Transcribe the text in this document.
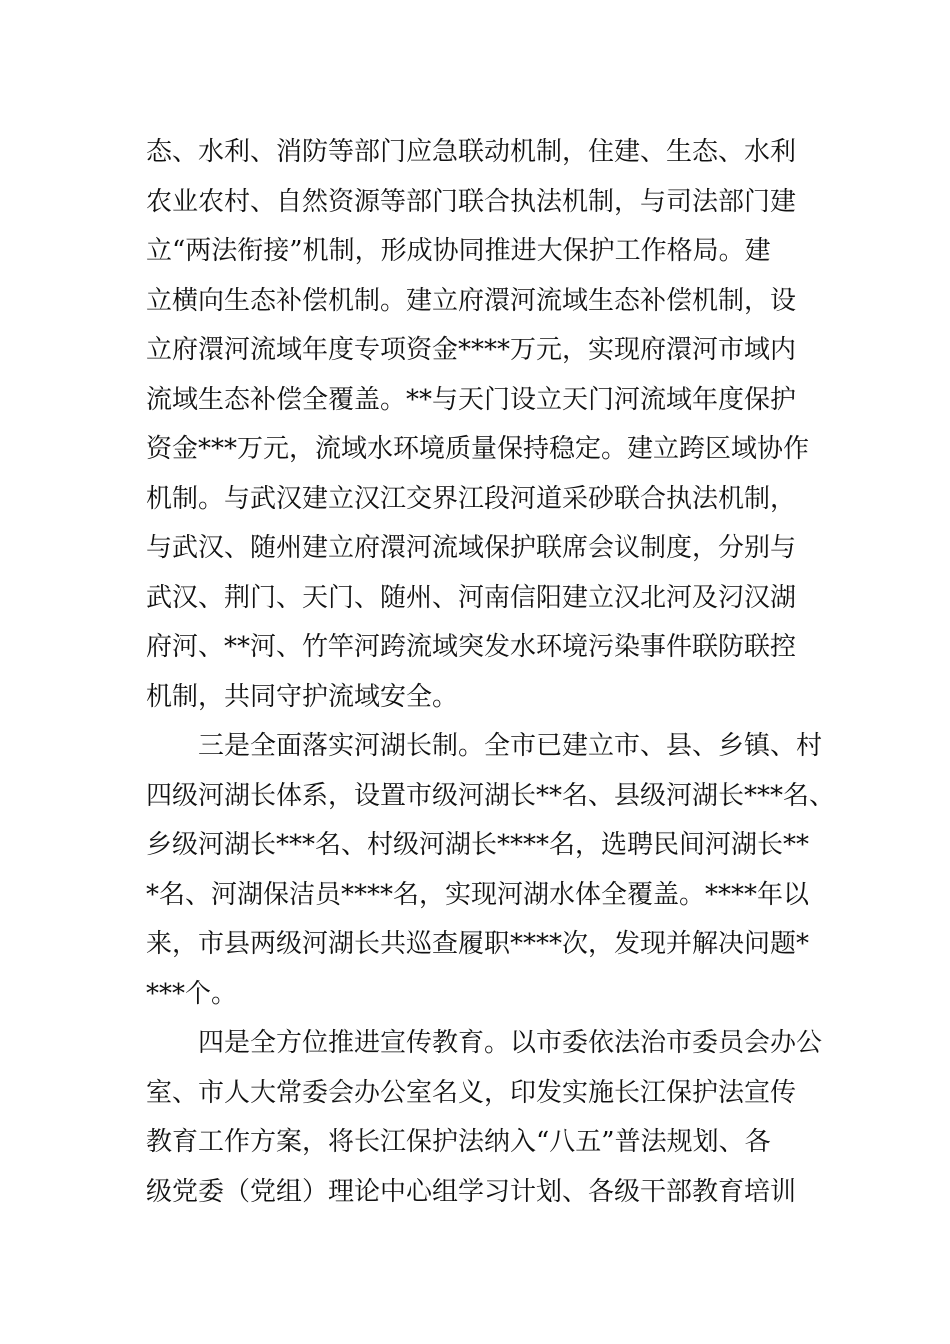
态、水利、消防等部门应急联动机制，住建、生态、水利
农业农村、自然资源等部门联合执法机制，与司法部门建
立“两法衔接”机制，形成协同推进大保护工作格局。建
立横向生态补偿机制。建立府澴河流域生态补偿机制，设
立府澴河流域年度专项资金****万元，实现府澴河市域内
流域生态补偿全覆盖。**与天门设立天门河流域年度保护
资金***万元，流域水环境质量保持稳定。建立跨区域协作
机制。与武汉建立汉江交界江段河道采砂联合执法机制，
与武汉、随州建立府澴河流域保护联席会议制度，分别与
武汉、荆门、天门、随州、河南信阳建立汉北河及汈汉湖
府河、**河、竹竿河跨流域突发水环境污染事件联防联控
机制，共同守护流域安全。
　　三是全面落实河湖长制。全市已建立市、县、乡镇、村
四级河湖长体系，设置市级河湖长**名、县级河湖长***名、
乡级河湖长***名、村级河湖长****名，选聘民间河湖长**
*名、河湖保洁员****名，实现河湖水体全覆盖。****年以
来，市县两级河湖长共巡查履职****次，发现并解决问题*
***个。
　　四是全方位推进宣传教育。以市委依法治市委员会办公
室、市人大常委会办公室名义，印发实施长江保护法宣传
教育工作方案，将长江保护法纳入“八五”普法规划、各
级党委（党组）理论中心组学习计划、各级干部教育培训
